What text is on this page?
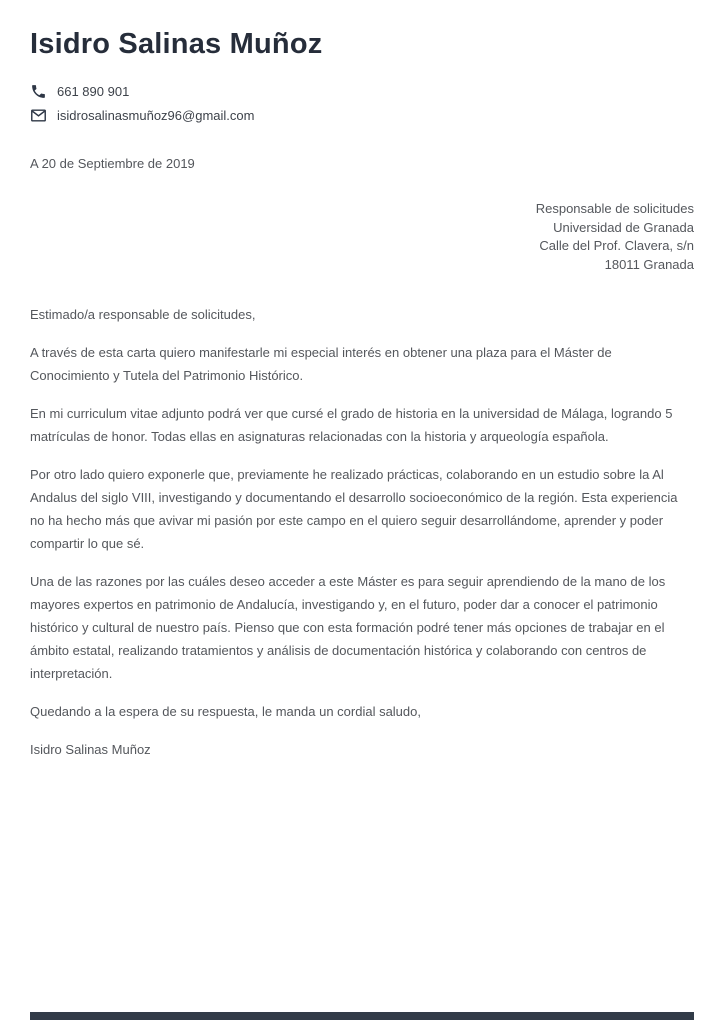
Isidro Salinas Muñoz
661 890 901
isidrosalinasmuñoz96@gmail.com
A 20 de Septiembre de 2019
Responsable de solicitudes
Universidad de Granada
Calle del Prof. Clavera, s/n
18011 Granada

Estimado/a responsable de solicitudes,

A través de esta carta quiero manifestarle mi especial interés en obtener una plaza para el Máster de Conocimiento y Tutela del Patrimonio Histórico.

En mi curriculum vitae adjunto podrá ver que cursé el grado de historia en la universidad de Málaga, logrando 5 matrículas de honor. Todas ellas en asignaturas relacionadas con la historia y arqueología española.

Por otro lado quiero exponerle que, previamente he realizado prácticas, colaborando en un estudio sobre la Al Andalus del siglo VIII, investigando y documentando el desarrollo socioeconómico de la región. Esta experiencia no ha hecho más que avivar mi pasión por este campo en el quiero seguir desarrollándome, aprender y poder compartir lo que sé.

Una de las razones por las cuáles deseo acceder a este Máster es para seguir aprendiendo de la mano de los mayores expertos en patrimonio de Andalucía, investigando y, en el futuro, poder dar a conocer el patrimonio histórico y cultural de nuestro país. Pienso que con esta formación podré tener más opciones de trabajar en el ámbito estatal, realizando tratamientos y análisis de documentación histórica y colaborando con centros de interpretación.

Quedando a la espera de su respuesta, le manda un cordial saludo,

Isidro Salinas Muñoz
